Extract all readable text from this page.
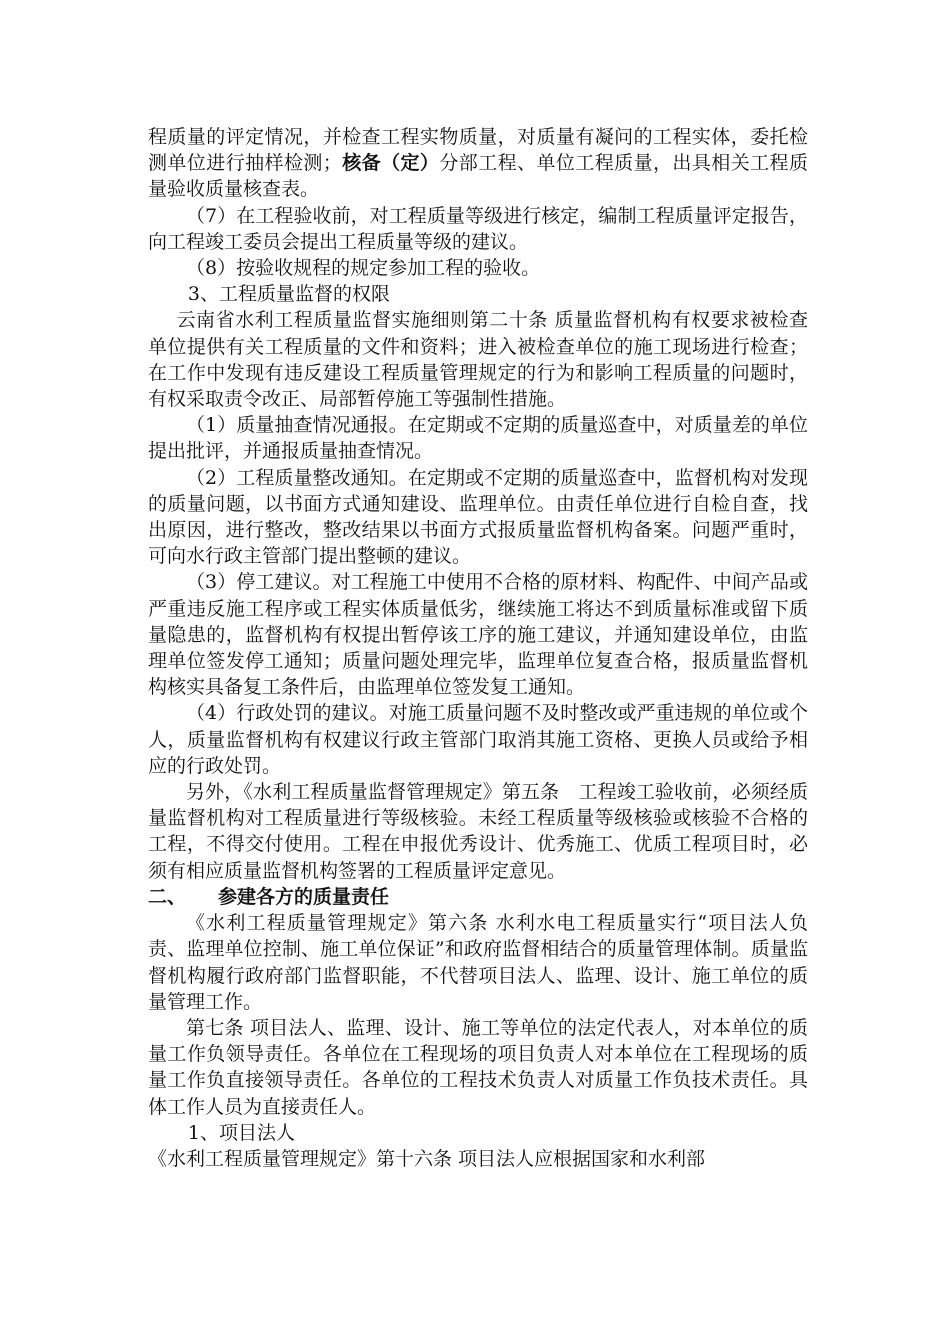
程质量的评定情况，并检查工程实物质量，对质量有凝问的工程实体，委托检测单位进行抽样检测；核备（定）分部工程、单位工程质量，出具相关工程质量验收质量核查表。

（7）在工程验收前，对工程质量等级进行核定，编制工程质量评定报告，向工程竣工委员会提出工程质量等级的建议。

（8）按验收规程的规定参加工程的验收。

3、工程质量监督的权限

云南省水利工程质量监督实施细则第二十条 质量监督机构有权要求被检查单位提供有关工程质量的文件和资料；进入被检查单位的施工现场进行检查；在工作中发现有违反建设工程质量管理规定的行为和影响工程质量的问题时，有权采取责令改正、局部暂停施工等强制性措施。

（1）质量抽查情况通报。在定期或不定期的质量巡查中，对质量差的单位提出批评，并通报质量抽查情况。

（2）工程质量整改通知。在定期或不定期的质量巡查中，监督机构对发现的质量问题，以书面方式通知建设、监理单位。由责任单位进行自检自查，找出原因，进行整改，整改结果以书面方式报质量监督机构备案。问题严重时，可向水行政主管部门提出整顿的建议。

（3）停工建议。对工程施工中使用不合格的原材料、构配件、中间产品或严重违反施工程序或工程实体质量低劣，继续施工将达不到质量标准或留下质量隐患的，监督机构有权提出暂停该工序的施工建议，并通知建设单位，由监理单位签发停工通知；质量问题处理完毕，监理单位复查合格，报质量监督机构核实具备复工条件后，由监理单位签发复工通知。

（4）行政处罚的建议。对施工质量问题不及时整改或严重违规的单位或个人，质量监督机构有权建议行政主管部门取消其施工资格、更换人员或给予相应的行政处罚。

另外，《水利工程质量监督管理规定》第五条　工程竣工验收前，必须经质量监督机构对工程质量进行等级核验。未经工程质量等级核验或核验不合格的工程，不得交付使用。工程在申报优秀设计、优秀施工、优质工程项目时，必须有相应质量监督机构签署的工程质量评定意见。

二、 参建各方的质量责任

《水利工程质量管理规定》第六条 水利水电工程质量实行“项目法人负责、监理单位控制、施工单位保证”和政府监督相结合的质量管理体制。质量监督机构履行政府部门监督职能，不代替项目法人、监理、设计、施工单位的质量管理工作。

第七条 项目法人、监理、设计、施工等单位的法定代表人，对本单位的质量工作负领导责任。各单位在工程现场的项目负责人对本单位在工程现场的质量工作负直接领导责任。各单位的工程技术负责人对质量工作负技术责任。具体工作人员为直接责任人。

1、项目法人

《水利工程质量管理规定》第十六条 项目法人应根据国家和水利部
